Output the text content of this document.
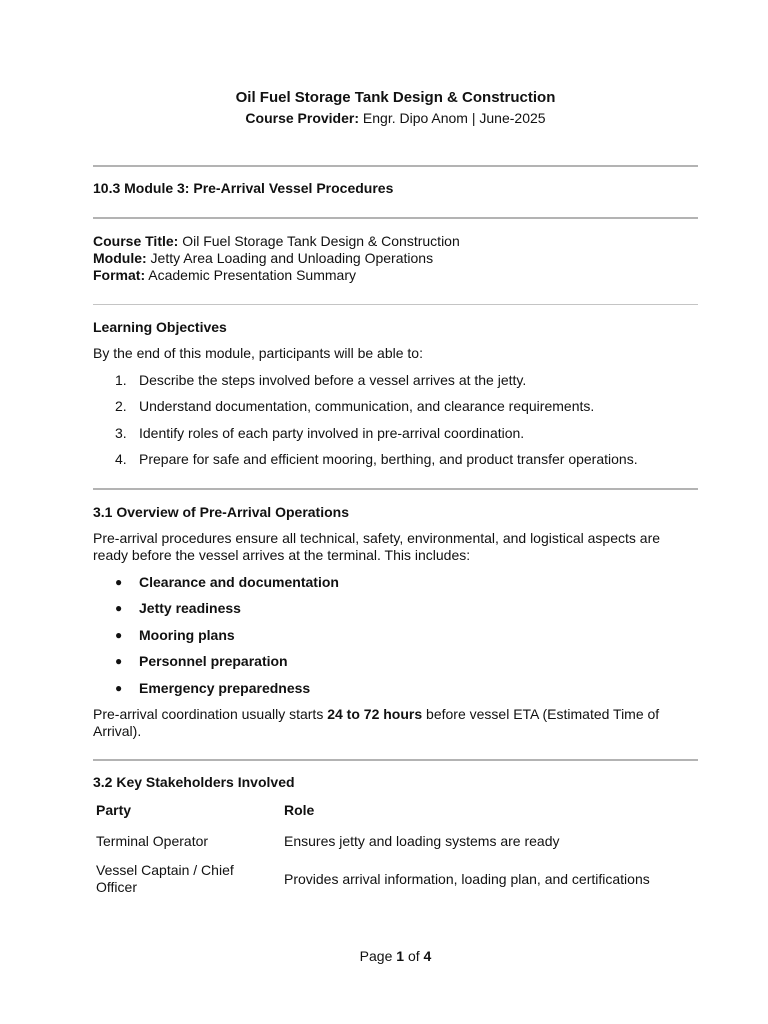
Oil Fuel Storage Tank Design & Construction

Course Provider: Engr. Dipo Anom | June-2025

10.3 Module 3: Pre-Arrival Vessel Procedures

Course Title: Oil Fuel Storage Tank Design & Construction

Module: Jetty Area Loading and Unloading Operations

Format: Academic Presentation Summary

Learning Objectives

By the end of this module, participants will be able to:

1. Describe the steps involved before a vessel arrives at the jetty.
2. Understand documentation, communication, and clearance requirements.
3. Identify roles of each party involved in pre-arrival coordination.
4. Prepare for safe and efficient mooring, berthing, and product transfer operations.

3.1 Overview of Pre-Arrival Operations

Pre-arrival procedures ensure all technical, safety, environmental, and logistical aspects are ready before the vessel arrives at the terminal. This includes:

● Clearance and documentation
● Jetty readiness
● Mooring plans
● Personnel preparation
● Emergency preparedness

Pre-arrival coordination usually starts 24 to 72 hours before vessel ETA (Estimated Time of Arrival).

3.2 Key Stakeholders Involved

Party	Role
Terminal Operator	Ensures jetty and loading systems are ready
Vessel Captain / Chief Officer	Provides arrival information, loading plan, and certifications
Page 1 of 4
